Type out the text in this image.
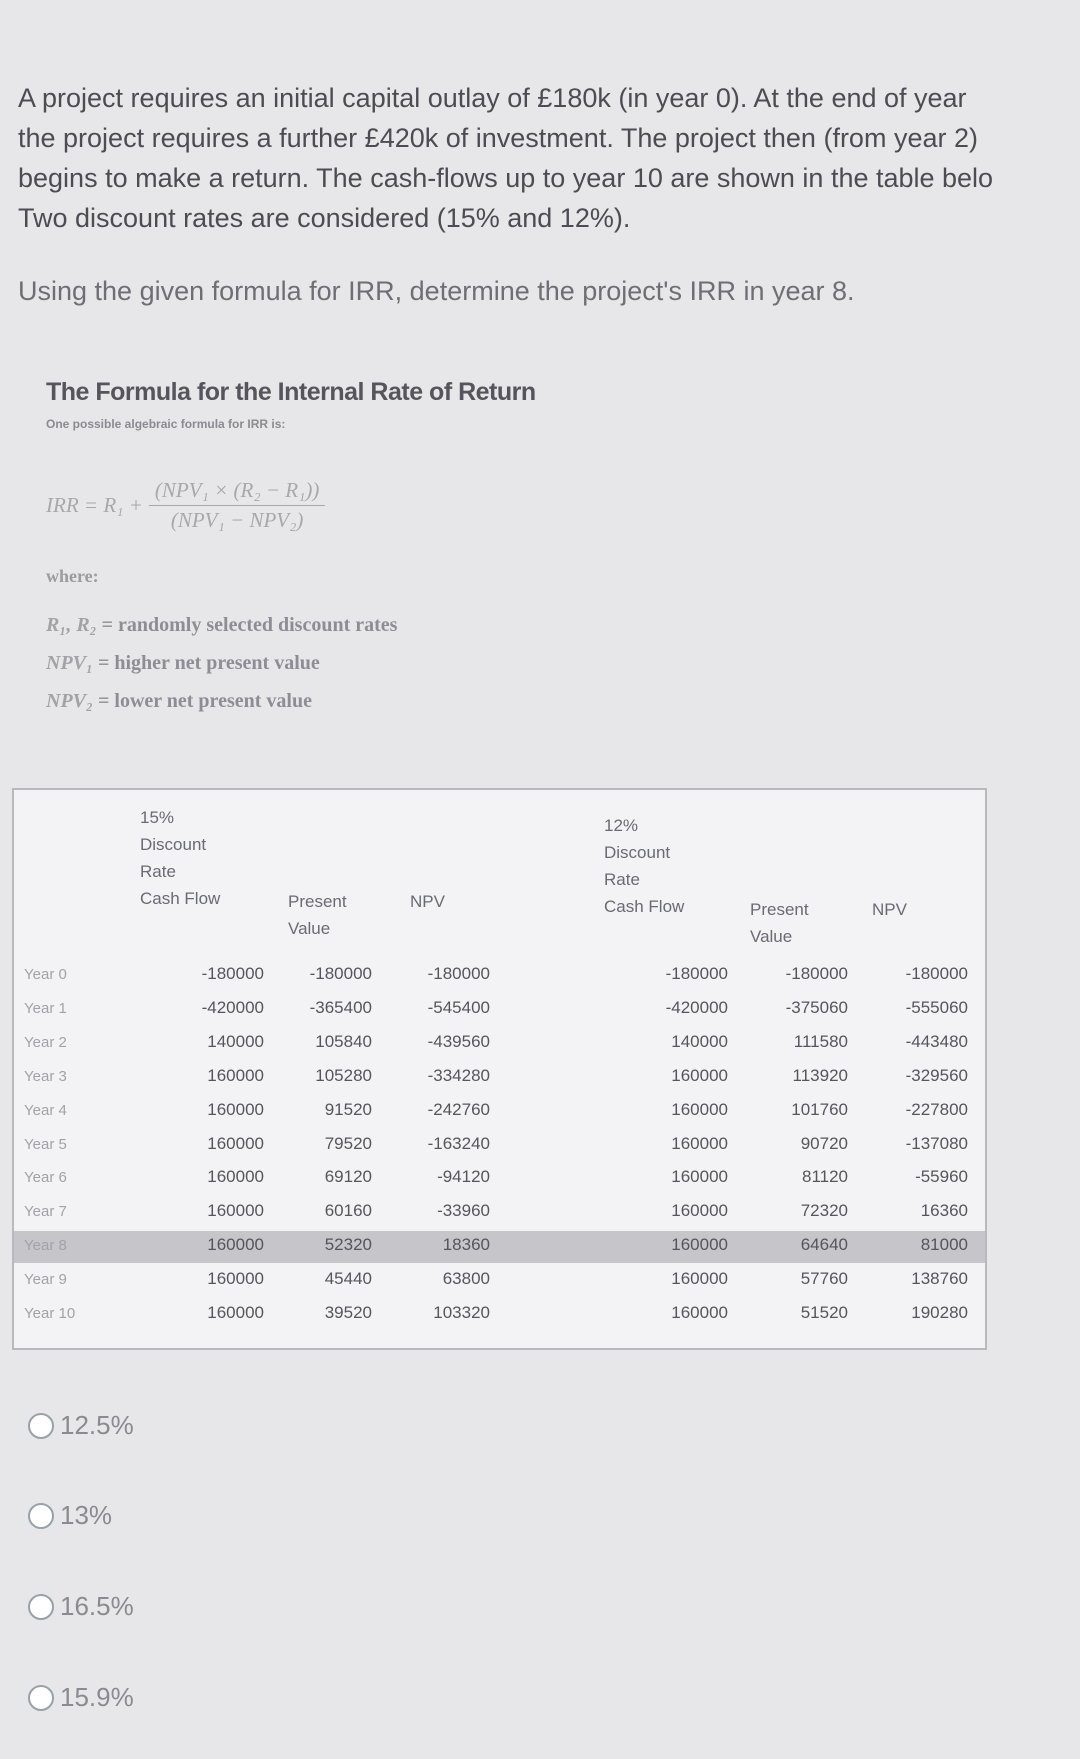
A project requires an initial capital outlay of £180k (in year 0). At the end of year

the project requires a further £420k of investment. The project then (from year 2)

begins to make a return. The cash-flows up to year 10 are shown in the table belo

Two discount rates are considered (15% and 12%).

Using the given formula for IRR, determine the project's IRR in year 8.
The Formula for the Internal Rate of Return
One possible algebraic formula for IRR is:
IRR = $R_1 + \frac{\text{(NPV₁ × (R₂ − R₁))}}{\text{(NPV₁ − NPV₂)}}$
where:
R₁, R₂ = randomly selected discount rates
NPV₁ = higher net present value
NPV₂ = lower net present value
15%
Discount
Rate
Cash Flow	Present
Value
NPV
12%
Discount
Rate
Cash Flow	Present
Value
NPV
Year 0	-180000	-180000	-180000	-180000	-180000	-180000
Year 1	-420000	-365400	-545400	-420000	-375060	-555060
Year 2	140000	105840	-439560	140000	111580	-443480
Year 3	160000	105280	-334280	160000	113920	-329560
Year 4	160000	91520	-242760	160000	101760	-227800
Year 5	160000	79520	-163240	160000	90720	-137080
Year 6	160000	69120	-94120	160000	81120	-55960
Year 7	160000	60160	-33960	160000	72320	16360
Year 8	160000	52320	18360	160000	64640	81000
Year 9	160000	45440	63800	160000	57760	138760
Year 10	160000	39520	103320	160000	51520	190280
12.5%
13%
16.5%
15.9%
